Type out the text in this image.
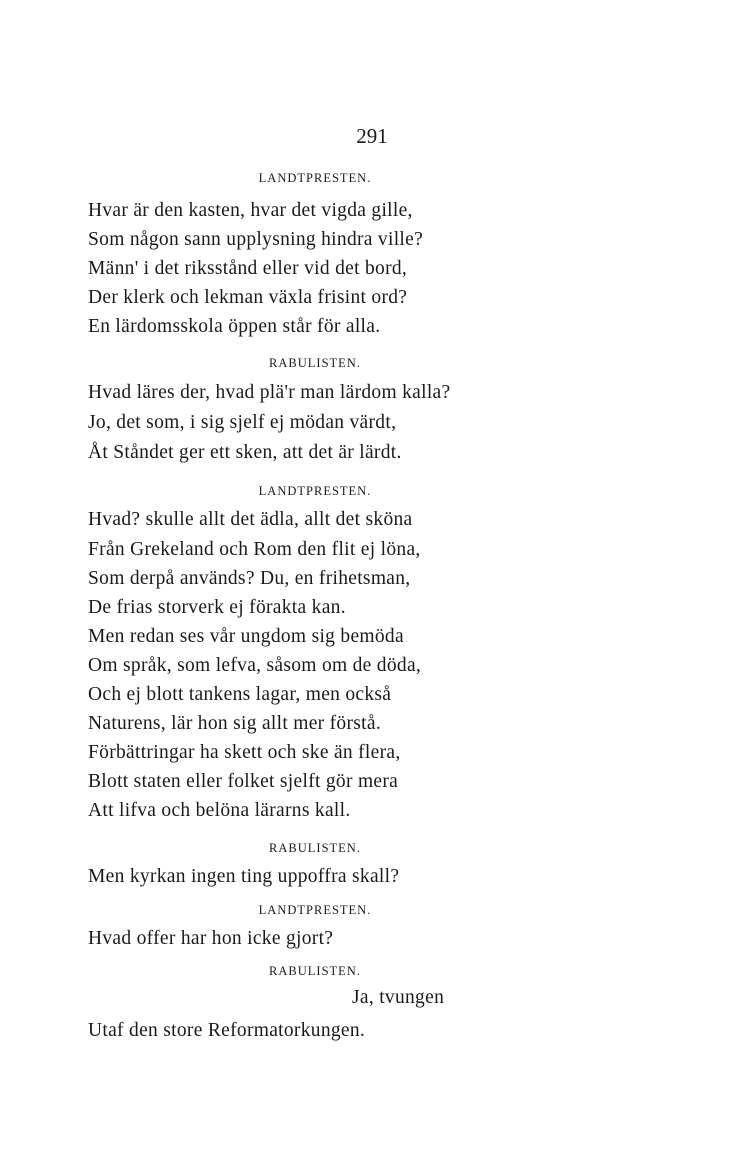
291
LANDTPRESTEN.
Hvar är den kasten, hvar det vigda gille,
Som någon sann upplysning hindra ville?
Männ' i det riksstånd eller vid det bord,
Der klerk och lekman växla frisint ord?
En lärdomsskola öppen står för alla.
RABULISTEN.
Hvad läres der, hvad plä'r man lärdom kalla?
Jo, det som, i sig sjelf ej mödan värdt,
Åt Ståndet ger ett sken, att det är lärdt.
LANDTPRESTEN.
Hvad? skulle allt det ädla, allt det sköna
Från Grekeland och Rom den flit ej löna,
Som derpå används? Du, en frihetsman,
De frias storverk ej förakta kan.
Men redan ses vår ungdom sig bemöda
Om språk, som lefva, såsom om de döda,
Och ej blott tankens lagar, men också
Naturens, lär hon sig allt mer förstå.
Förbättringar ha skett och ske än flera,
Blott staten eller folket sjelft gör mera
Att lifva och belöna lärarns kall.
RABULISTEN.
Men kyrkan ingen ting uppoffra skall?
LANDTPRESTEN.
Hvad offer har hon icke gjort?
RABULISTEN.
Ja, tvungen
Utaf den store Reformatorkungen.
